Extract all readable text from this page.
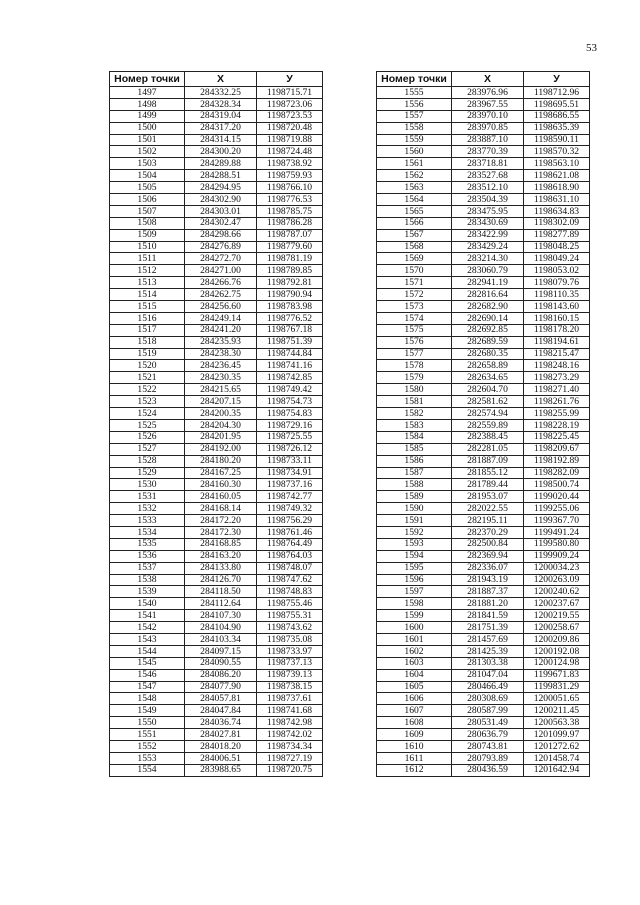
53
Номер точки	X	У
1497	284332.25	1198715.71
1498	284328.34	1198723.06
1499	284319.04	1198723.53
1500	284317.20	1198720.48
1501	284314.15	1198719.88
1502	284300.20	1198724.48
1503	284289.88	1198738.92
1504	284288.51	1198759.93
1505	284294.95	1198766.10
1506	284302.90	1198776.53
1507	284303.01	1198785.75
1508	284302.47	1198786.28
1509	284298.66	1198787.07
1510	284276.89	1198779.60
1511	284272.70	1198781.19
1512	284271.00	1198789.85
1513	284266.76	1198792.81
1514	284262.75	1198790.94
1515	284256.60	1198783.98
1516	284249.14	1198776.52
1517	284241.20	1198767.18
1518	284235.93	1198751.39
1519	284238.30	1198744.84
1520	284236.45	1198741.16
1521	284230.35	1198742.85
1522	284215.65	1198749.42
1523	284207.15	1198754.73
1524	284200.35	1198754.83
1525	284204.30	1198729.16
1526	284201.95	1198725.55
1527	284192.00	1198726.12
1528	284180.20	1198733.11
1529	284167.25	1198734.91
1530	284160.30	1198737.16
1531	284160.05	1198742.77
1532	284168.14	1198749.32
1533	284172.20	1198756.29
1534	284172.30	1198761.46
1535	284168.85	1198764.49
1536	284163.20	1198764.03
1537	284133.80	1198748.07
1538	284126.70	1198747.62
1539	284118.50	1198748.83
1540	284112.64	1198755.46
1541	284107.30	1198755.31
1542	284104.90	1198743.62
1543	284103.34	1198735.08
1544	284097.15	1198733.97
1545	284090.55	1198737.13
1546	284086.20	1198739.13
1547	284077.90	1198738.15
1548	284057.81	1198737.61
1549	284047.84	1198741.68
1550	284036.74	1198742.98
1551	284027.81	1198742.02
1552	284018.20	1198734.34
1553	284006.51	1198727.19
1554	283988.65	1198720.75
Номер точки	X	У
1555	283976.96	1198712.96
1556	283967.55	1198695.51
1557	283970.10	1198686.55
1558	283970.85	1198635.39
1559	283887.10	1198590.11
1560	283770.39	1198570.32
1561	283718.81	1198563.10
1562	283527.68	1198621.08
1563	283512.10	1198618.90
1564	283504.39	1198631.10
1565	283475.95	1198634.83
1566	283430.69	1198302.09
1567	283422.99	1198277.89
1568	283429.24	1198048.25
1569	283214.30	1198049.24
1570	283060.79	1198053.02
1571	282941.19	1198079.76
1572	282816.64	1198110.35
1573	282682.90	1198143.60
1574	282690.14	1198160.15
1575	282692.85	1198178.20
1576	282689.59	1198194.61
1577	282680.35	1198215.47
1578	282658.89	1198248.16
1579	282634.65	1198273.29
1580	282604.70	1198271.40
1581	282581.62	1198261.76
1582	282574.94	1198255.99
1583	282559.89	1198228.19
1584	282388.45	1198225.45
1585	282281.05	1198209.67
1586	281887.09	1198192.89
1587	281855.12	1198282.09
1588	281789.44	1198500.74
1589	281953.07	1199020.44
1590	282022.55	1199255.06
1591	282195.11	1199367.70
1592	282370.29	1199491.24
1593	282500.84	1199580.80
1594	282369.94	1199909.24
1595	282336.07	1200034.23
1596	281943.19	1200263.09
1597	281887.37	1200240.62
1598	281881.20	1200237.67
1599	281841.59	1200219.55
1600	281751.39	1200258.67
1601	281457.69	1200209.86
1602	281425.39	1200192.08
1603	281303.38	1200124.98
1604	281047.04	1199671.83
1605	280466.49	1199831.29
1606	280308.69	1200051.65
1607	280587.99	1200211.45
1608	280531.49	1200563.38
1609	280636.79	1201099.97
1610	280743.81	1201272.62
1611	280793.89	1201458.74
1612	280436.59	1201642.94
